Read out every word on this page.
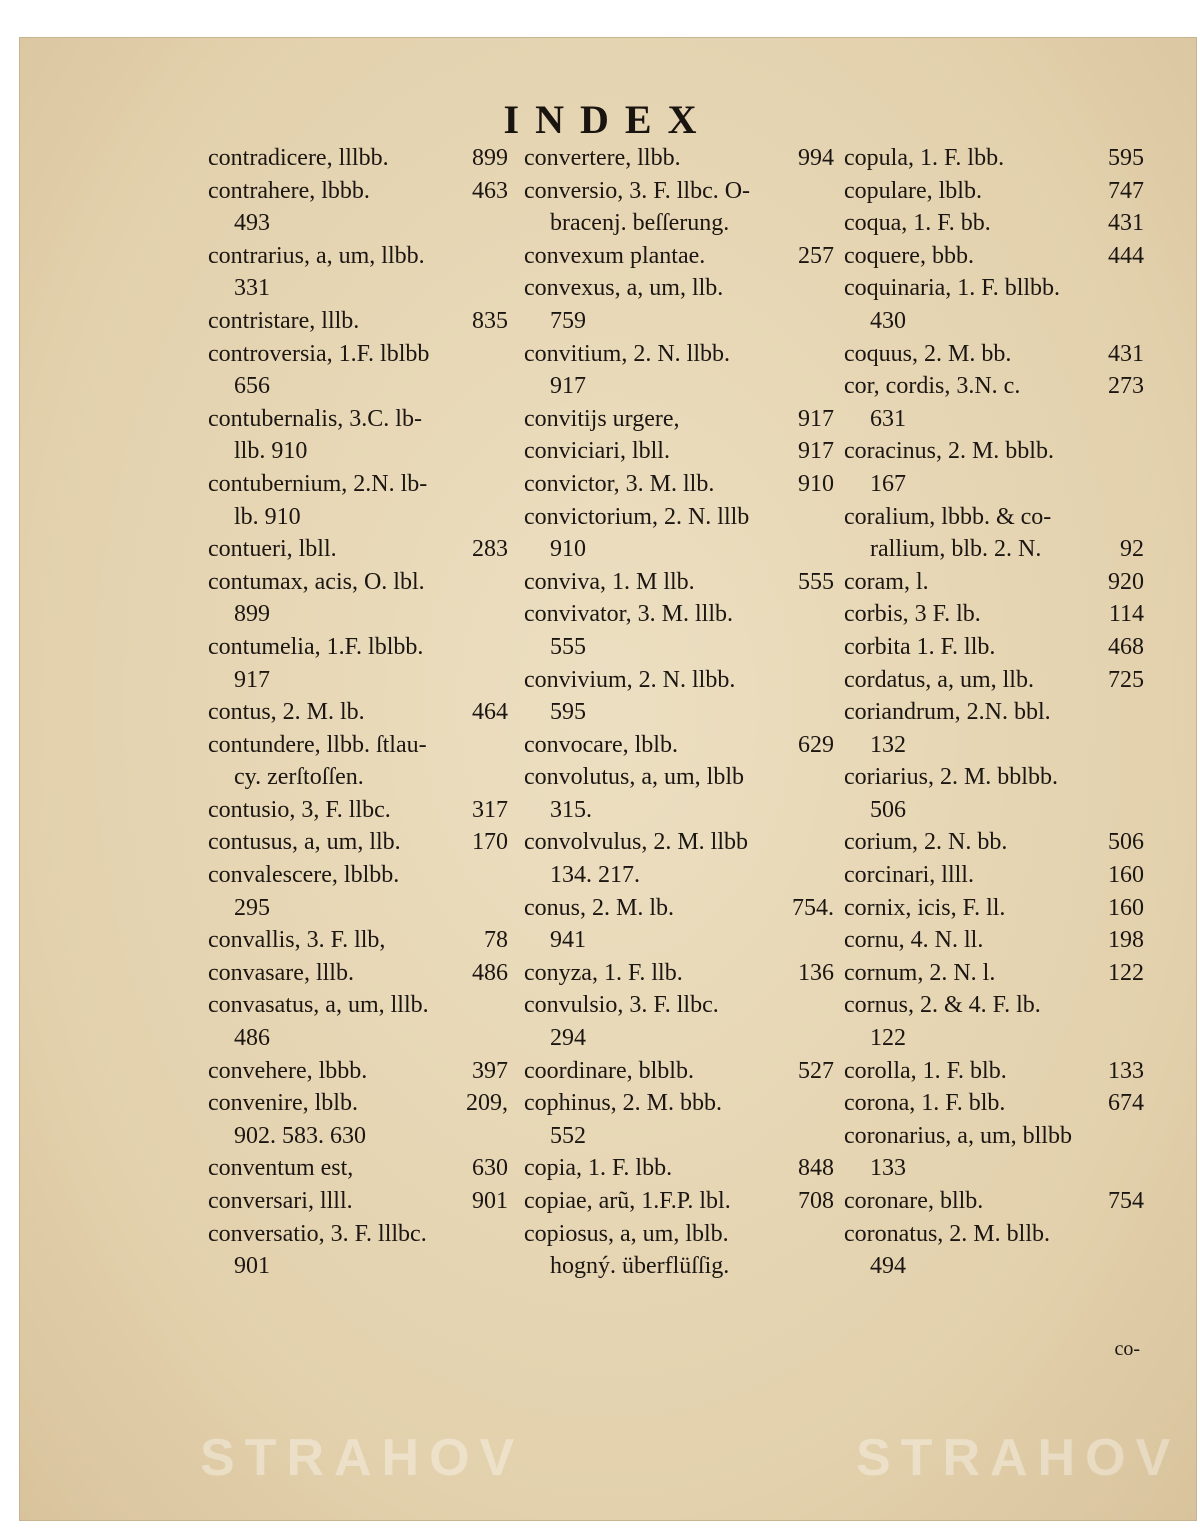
INDEX
contradicere, lllbb.	899
contrahere, lbbb.	463
493
contrarius, a, um, llbb.
331
contristare, lllb.	835
controversia, 1.F. lblbb
656
contubernalis, 3.C. lb-
llb. 910
contubernium, 2.N. lb-
lb. 910
contueri, lbll.	283
contumax, acis, O. lbl.
899
contumelia, 1.F. lblbb.
917
contus, 2. M. lb.	464
contundere, llbb. ſtlau-
cy. zerſtoſſen.
contusio, 3, F. llbc.	317
contusus, a, um, llb.	170
convalescere, lblbb.
295
convallis, 3. F. llb,	78
convasare, lllb.	486
convasatus, a, um, lllb.
486
convehere, lbbb.	397
convenire, lblb.	209,
902. 583. 630
conventum est,	630
conversari, llll.	901
conversatio, 3. F. lllbc.
901
convertere, llbb.	994
conversio, 3. F. llbc. O-
bracenj. beſſerung.
convexum plantae.	257
convexus, a, um, llb.
759
convitium, 2. N. llbb.
917
convitijs urgere,	917
conviciari, lbll.	917
convictor, 3. M. llb.	910
convictorium, 2. N. lllb
910
conviva, 1. M llb.	555
convivator, 3. M. lllb.
555
convivium, 2. N. llbb.
595
convocare, lblb.	629
convolutus, a, um, lblb
315.
convolvulus, 2. M. llbb
134. 217.
conus, 2. M. lb.	754.
941
conyza, 1. F. llb.	136
convulsio, 3. F. llbc.
294
coordinare, blblb.	527
cophinus, 2. M. bbb.
552
copia, 1. F. lbb.	848
copiae, arũ, 1.F.P. lbl.	708
copiosus, a, um, lblb.
hogný. überflüſſig.
copula, 1. F. lbb.	595
copulare, lblb.	747
coqua, 1. F. bb.	431
coquere, bbb.	444
coquinaria, 1. F. bllbb.
430
coquus, 2. M. bb.	431
cor, cordis, 3.N. c.	273
631
coracinus, 2. M. bblb.
167
coralium, lbbb. & co-
rallium, blb. 2. N.	92
coram, l.	920
corbis, 3 F. lb.	114
corbita 1. F. llb.	468
cordatus, a, um, llb.	725
coriandrum, 2.N. bbl.
132
coriarius, 2. M. bblbb.
506
corium, 2. N. bb.	506
corcinari, llll.	160
cornix, icis, F. ll.	160
cornu, 4. N. ll.	198
cornum, 2. N. l.	122
cornus, 2. & 4. F. lb.
122
corolla, 1. F. blb.	133
corona, 1. F. blb.	674
coronarius, a, um, bllbb
133
coronare, bllb.	754
coronatus, 2. M. bllb.
494
co-
STRAHOV	STRAHOV
